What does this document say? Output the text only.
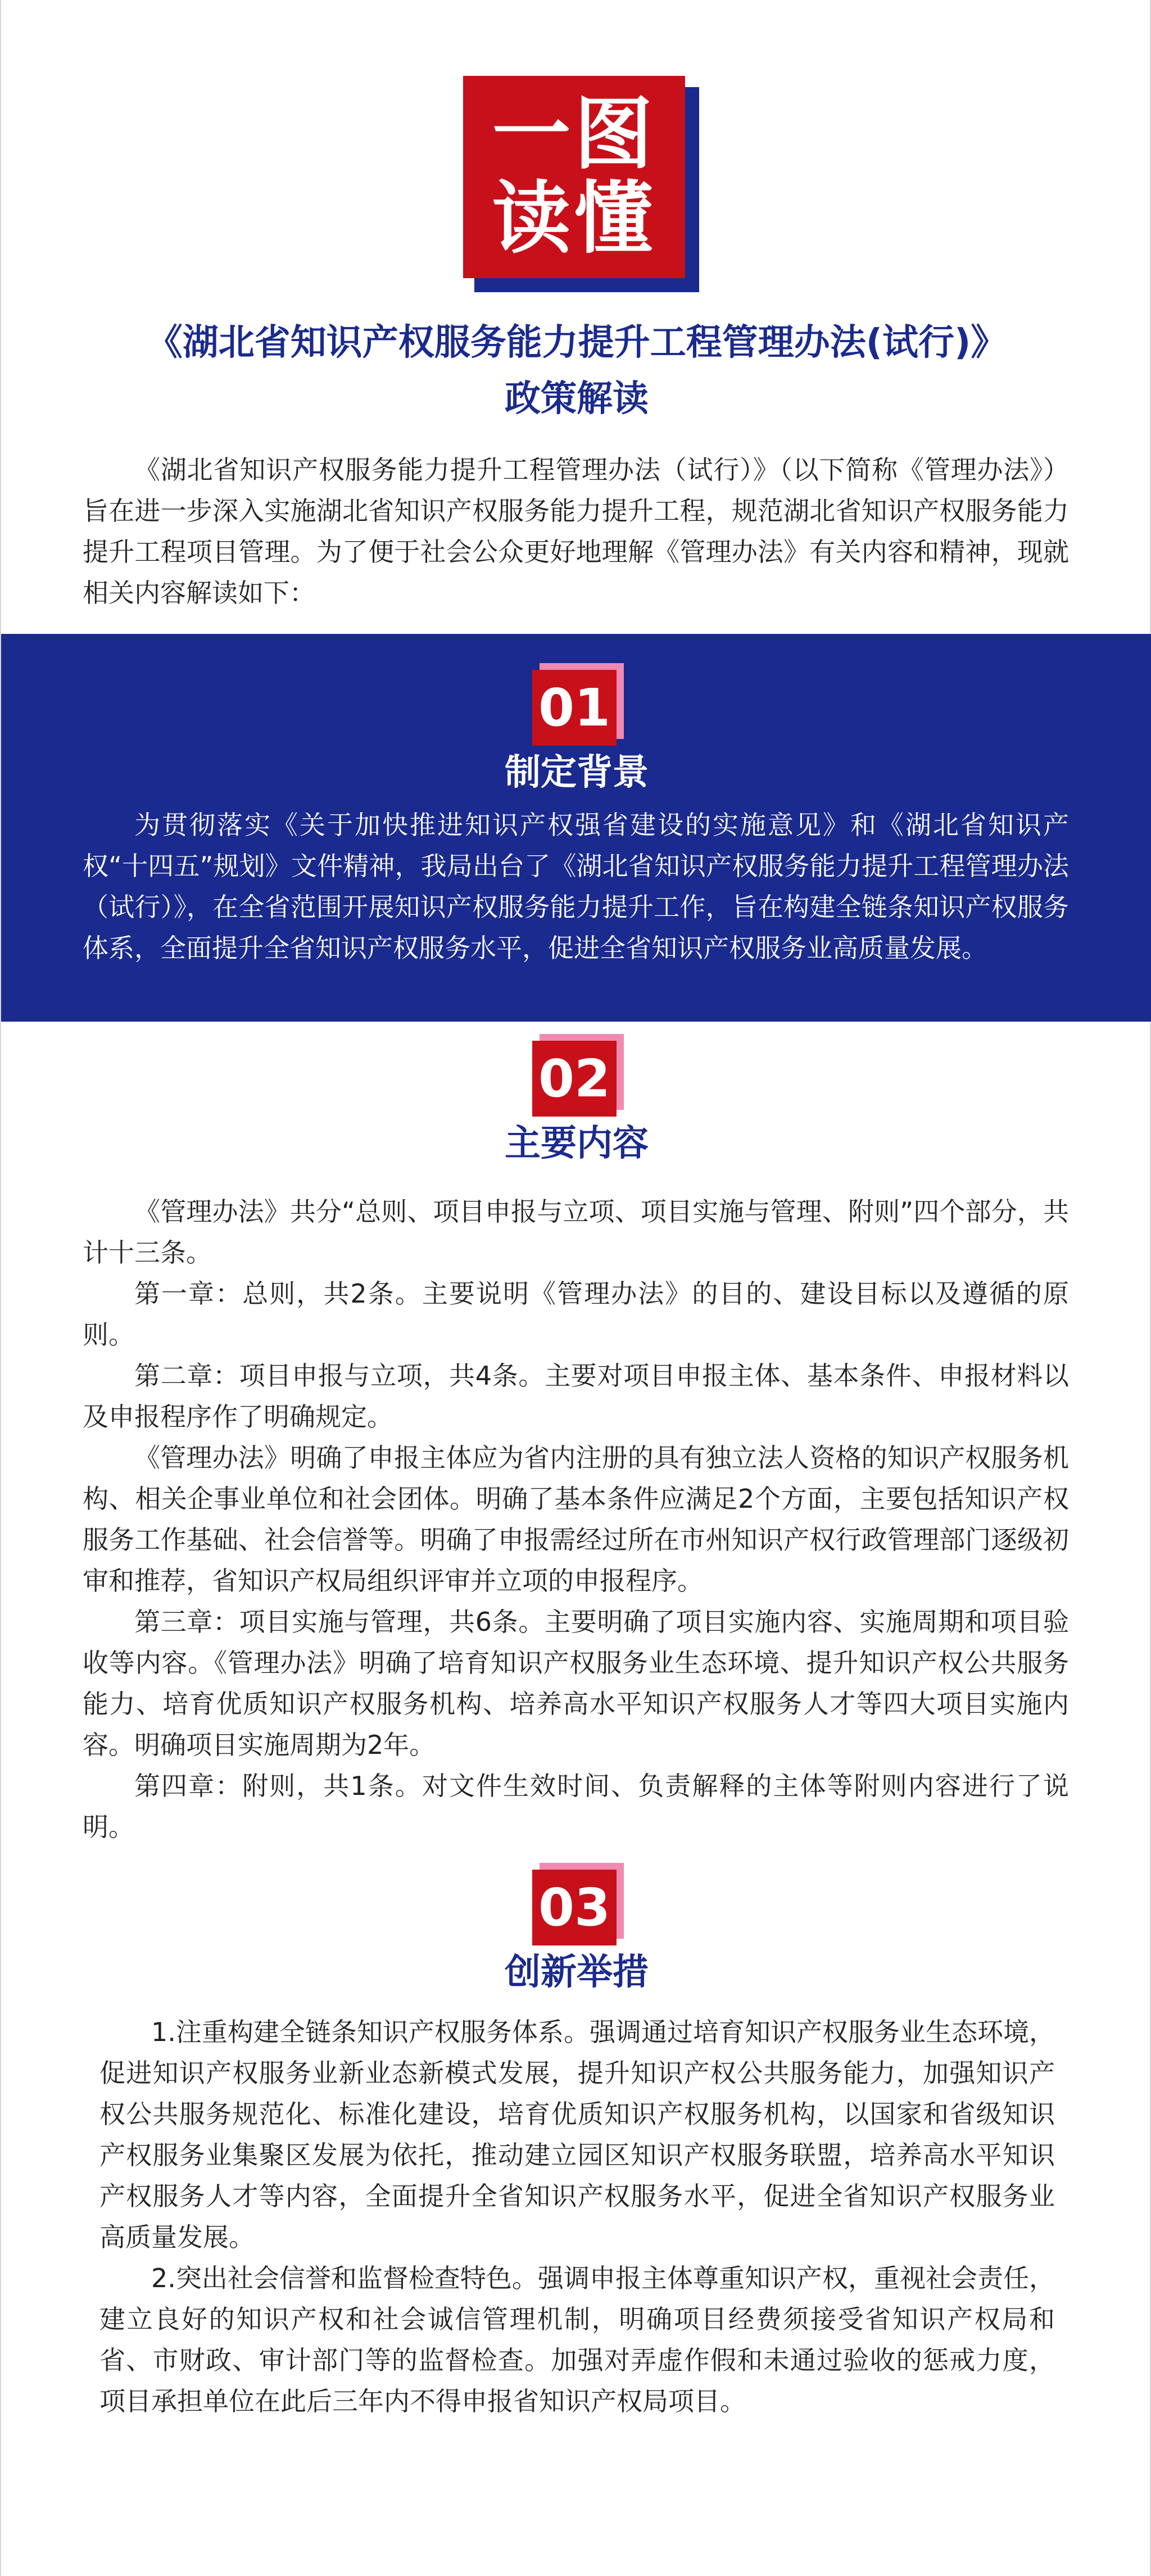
一图
读懂
《湖北省知识产权服务能力提升工程管理办法(试行)》
政策解读

《湖北省知识产权服务能力提升工程管理办法（试行）》（以下简称《管理办法》）旨在进一步深入实施湖北省知识产权服务能力提升工程，规范湖北省知识产权服务能力提升工程项目管理。为了便于社会公众更好地理解《管理办法》有关内容和精神，现就相关内容解读如下：

01
制定背景

为贯彻落实《关于加快推进知识产权强省建设的实施意见》和《湖北省知识产权“十四五”规划》文件精神，我局出台了《湖北省知识产权服务能力提升工程管理办法（试行）》，在全省范围开展知识产权服务能力提升工作，旨在构建全链条知识产权服务体系，全面提升全省知识产权服务水平，促进全省知识产权服务业高质量发展。

02
主要内容

《管理办法》共分“总则、项目申报与立项、项目实施与管理、附则”四个部分，共计十三条。

第一章：总则，共2条。主要说明《管理办法》的目的、建设目标以及遵循的原则。

第二章：项目申报与立项，共4条。主要对项目申报主体、基本条件、申报材料以及申报程序作了明确规定。

《管理办法》明确了申报主体应为省内注册的具有独立法人资格的知识产权服务机构、相关企事业单位和社会团体。明确了基本条件应满足2个方面，主要包括知识产权服务工作基础、社会信誉等。明确了申报需经过所在市州知识产权行政管理部门逐级初审和推荐，省知识产权局组织评审并立项的申报程序。

第三章：项目实施与管理，共6条。主要明确了项目实施内容、实施周期和项目验收等内容。《管理办法》明确了培育知识产权服务业生态环境、提升知识产权公共服务能力、培育优质知识产权服务机构、培养高水平知识产权服务人才等四大项目实施内容。明确项目实施周期为2年。

第四章：附则，共1条。对文件生效时间、负责解释的主体等附则内容进行了说明。

03
创新举措

1.注重构建全链条知识产权服务体系。强调通过培育知识产权服务业生态环境，促进知识产权服务业新业态新模式发展，提升知识产权公共服务能力，加强知识产权公共服务规范化、标准化建设，培育优质知识产权服务机构，以国家和省级知识产权服务业集聚区发展为依托，推动建立园区知识产权服务联盟，培养高水平知识产权服务人才等内容，全面提升全省知识产权服务水平，促进全省知识产权服务业高质量发展。

2.突出社会信誉和监督检查特色。强调申报主体尊重知识产权，重视社会责任，建立良好的知识产权和社会诚信管理机制，明确项目经费须接受省知识产权局和省、市财政、审计部门等的监督检查。加强对弄虚作假和未通过验收的惩戒力度，项目承担单位在此后三年内不得申报省知识产权局项目。
